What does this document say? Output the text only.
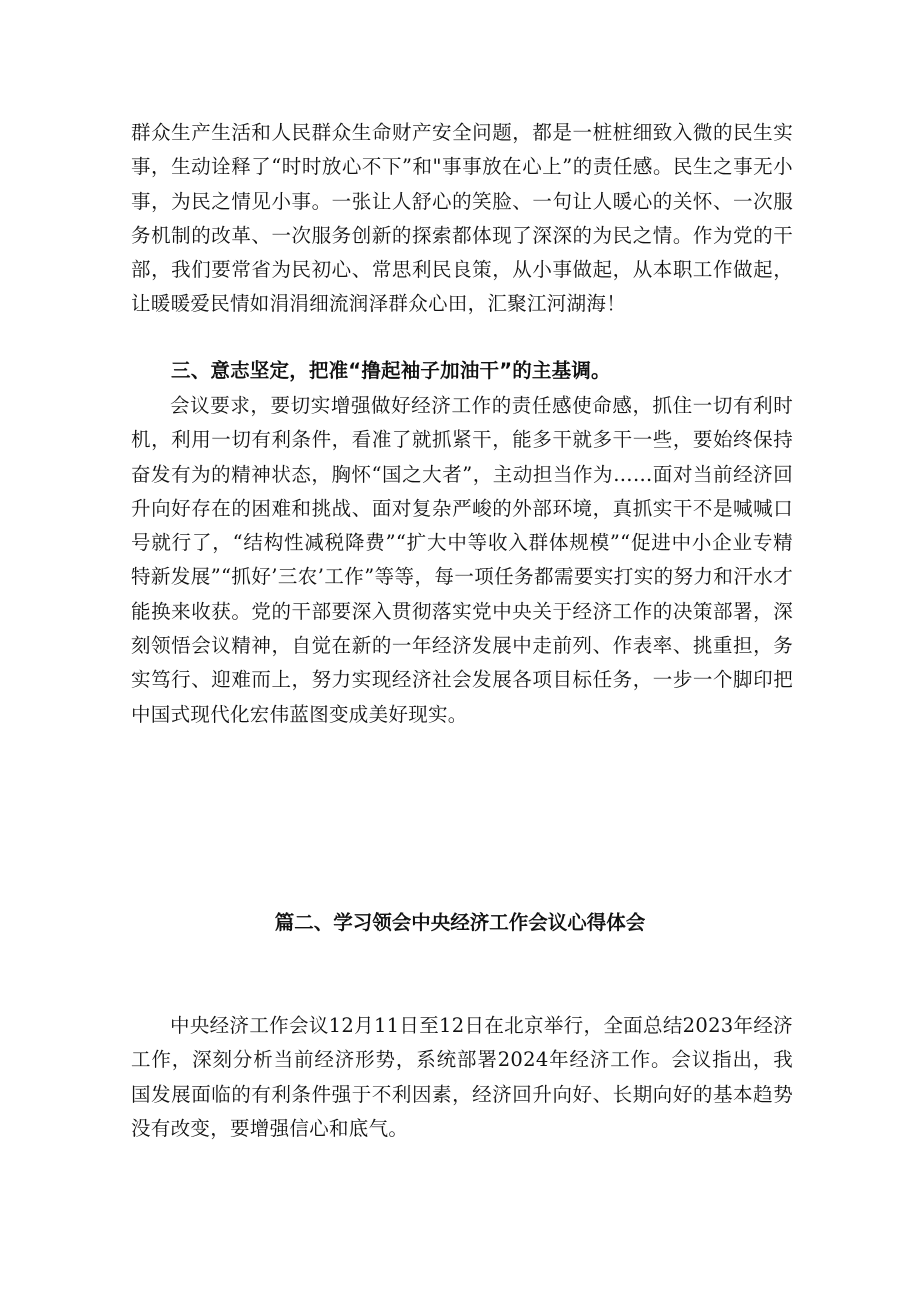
群众生产生活和人民群众生命财产安全问题，都是一桩桩细致入微的民生实事，生动诠释了“时时放心不下”和"事事放在心上”的责任感。民生之事无小事，为民之情见小事。一张让人舒心的笑脸、一句让人暖心的关怀、一次服务机制的改革、一次服务创新的探索都体现了深深的为民之情。作为党的干部，我们要常省为民初心、常思利民良策，从小事做起，从本职工作做起，让暖暖爱民情如涓涓细流润泽群众心田，汇聚江河湖海！

三、意志坚定，把准“撸起袖子加油干”的主基调。

会议要求，要切实增强做好经济工作的责任感使命感，抓住一切有利时机，利用一切有利条件，看准了就抓紧干，能多干就多干一些，要始终保持奋发有为的精神状态，胸怀“国之大者”，主动担当作为……面对当前经济回升向好存在的困难和挑战、面对复杂严峻的外部环境，真抓实干不是喊喊口号就行了，“结构性减税降费”“扩大中等收入群体规模”“促进中小企业专精特新发展”“抓好’三农’工作”等等，每一项任务都需要实打实的努力和汗水才能换来收获。党的干部要深入贯彻落实党中央关于经济工作的决策部署，深刻领悟会议精神，自觉在新的一年经济发展中走前列、作表率、挑重担，务实笃行、迎难而上，努力实现经济社会发展各项目标任务，一步一个脚印把中国式现代化宏伟蓝图变成美好现实。

篇二、学习领会中央经济工作会议心得体会

中央经济工作会议12月11日至12日在北京举行，全面总结2023年经济工作，深刻分析当前经济形势，系统部署2024年经济工作。会议指出，我国发展面临的有利条件强于不利因素，经济回升向好、长期向好的基本趋势没有改变，要增强信心和底气。
